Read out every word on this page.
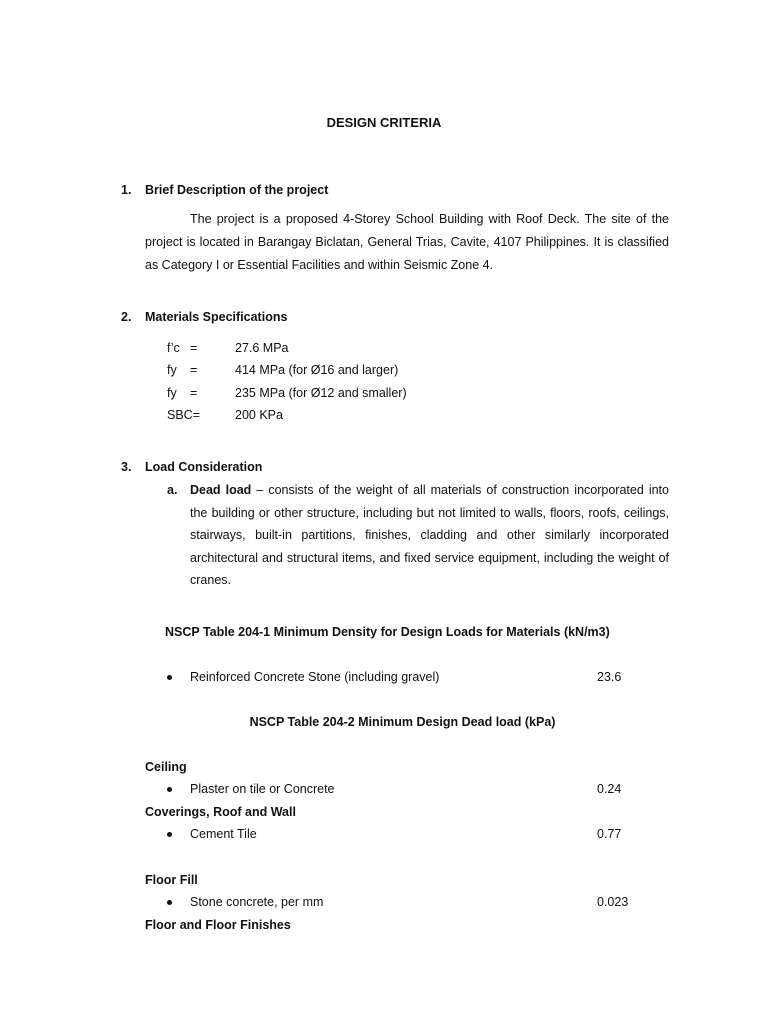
DESIGN CRITERIA
1. Brief Description of the project
The project is a proposed 4-Storey School Building with Roof Deck. The site of the project is located in Barangay Biclatan, General Trias, Cavite, 4107 Philippines. It is classified as Category I or Essential Facilities and within Seismic Zone 4.
2. Materials Specifications
f’c =	27.6 MPa
fy =	414 MPa (for Ø16 and larger)
fy =	235 MPa (for Ø12 and smaller)
SBC=	200 KPa
3. Load Consideration
a. Dead load – consists of the weight of all materials of construction incorporated into the building or other structure, including but not limited to walls, floors, roofs, ceilings, stairways, built-in partitions, finishes, cladding and other similarly incorporated architectural and structural items, and fixed service equipment, including the weight of cranes.
NSCP Table 204-1 Minimum Density for Design Loads for Materials (kN/m3)
Reinforced Concrete Stone (including gravel)	23.6
NSCP Table 204-2 Minimum Design Dead load (kPa)
Ceiling
Plaster on tile or Concrete	0.24
Coverings, Roof and Wall
Cement Tile	0.77
Floor Fill
Stone concrete, per mm	0.023
Floor and Floor Finishes
